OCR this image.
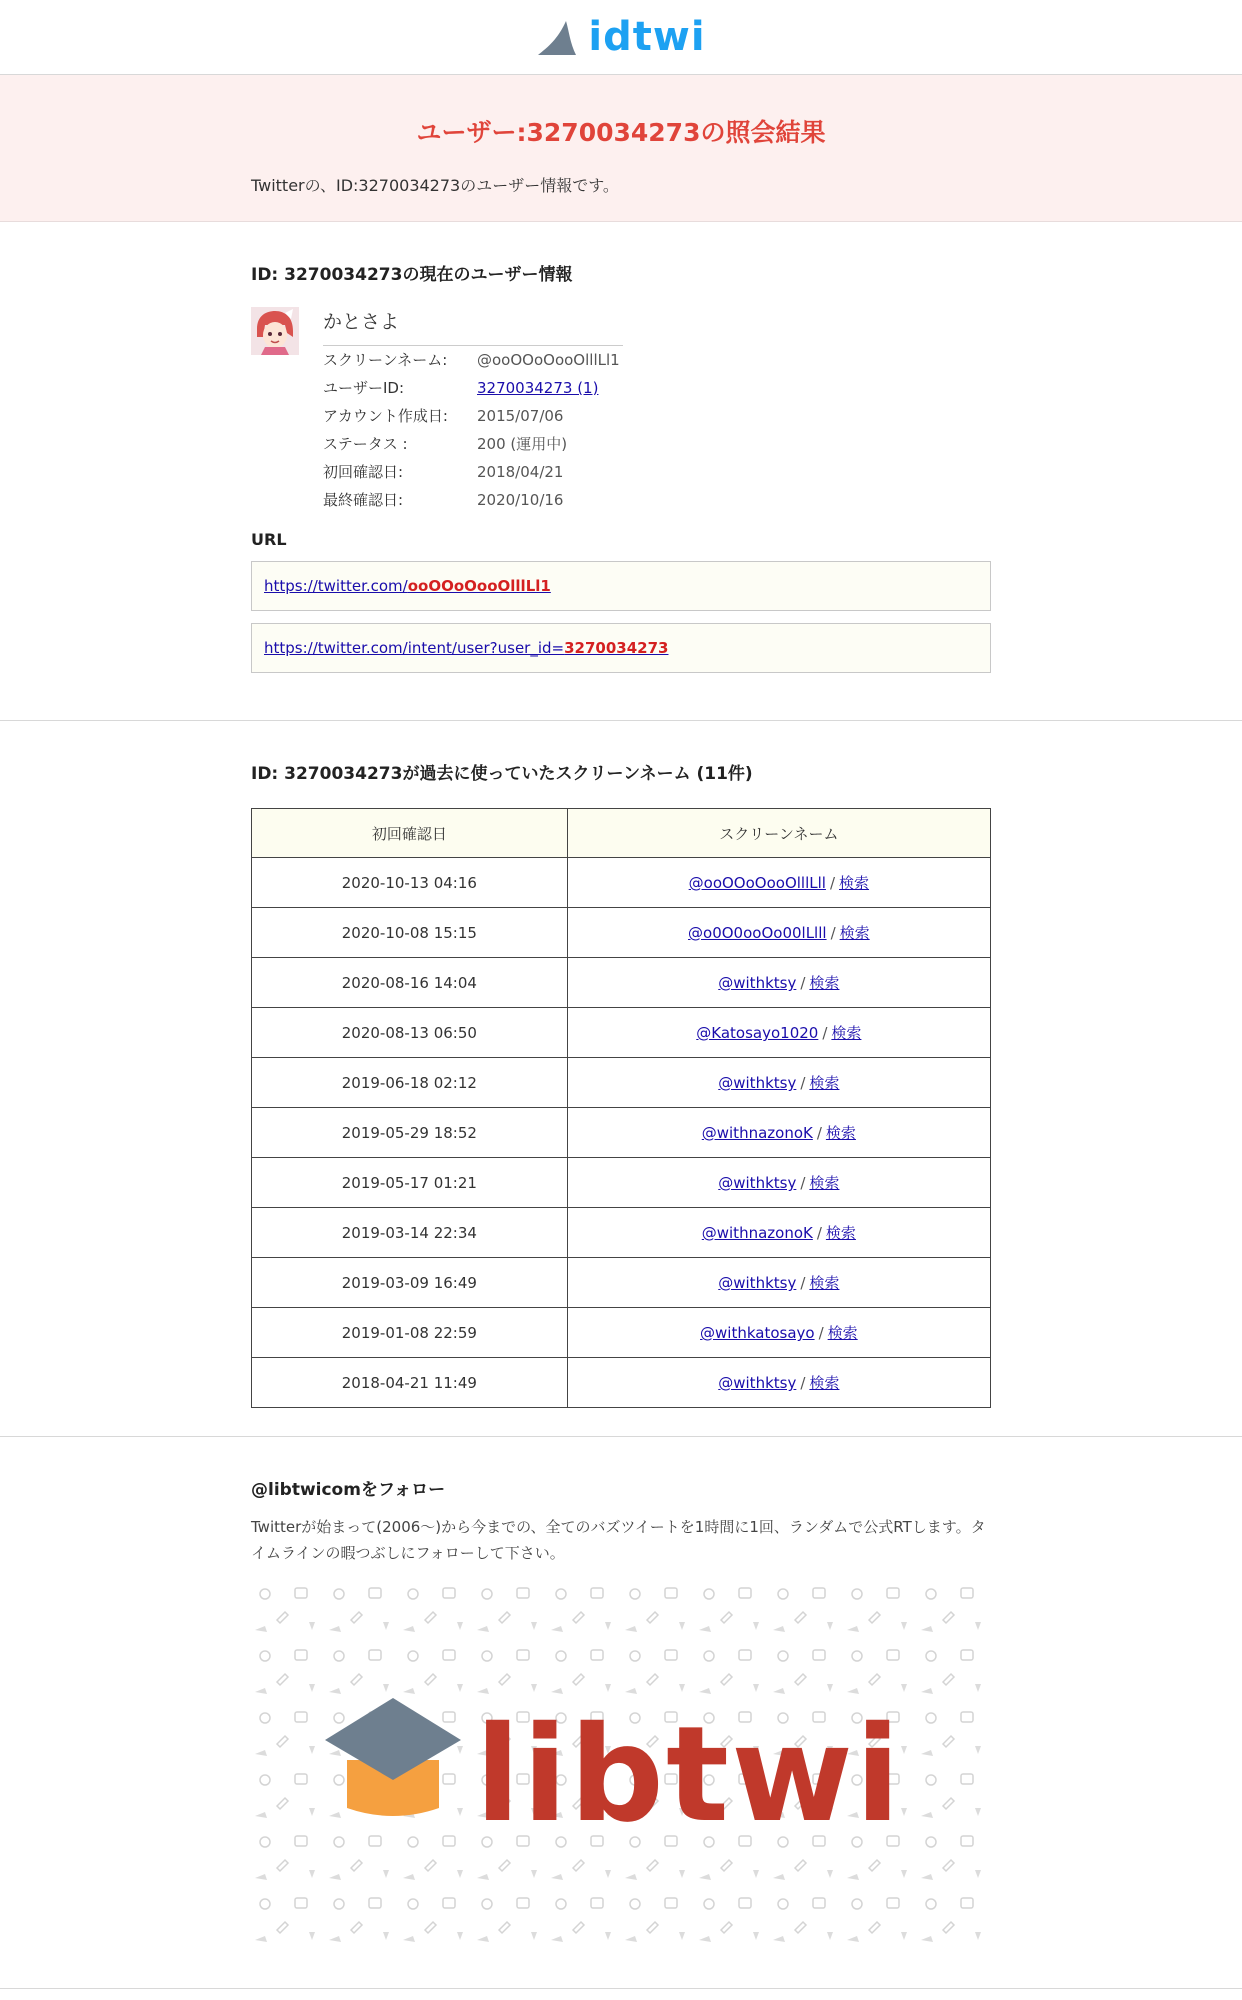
idtwi
ユーザー:3270034273の照会結果
Twitterの、ID:3270034273のユーザー情報です。
ID: 3270034273の現在のユーザー情報
かとさよ
スクリーンネーム:	@ooOOoOooOlllLl1
ユーザーID:	3270034273 (1)
アカウント作成日:	2015/07/06
ステータス :	200 (運用中)
初回確認日:	2018/04/21
最終確認日:	2020/10/16
URL
https://twitter.com/ooOOoOooOlllLl1
https://twitter.com/intent/user?user_id=3270034273
ID: 3270034273が過去に使っていたスクリーンネーム (11件)
初回確認日	スクリーンネーム
2020-10-13 04:16	@ooOOoOooOlllLll / 検索
2020-10-08 15:15	@o0O0ooOo00lLlll / 検索
2020-08-16 14:04	@withktsy / 検索
2020-08-13 06:50	@Katosayo1020 / 検索
2019-06-18 02:12	@withktsy / 検索
2019-05-29 18:52	@withnazonoK / 検索
2019-05-17 01:21	@withktsy / 検索
2019-03-14 22:34	@withnazonoK / 検索
2019-03-09 16:49	@withktsy / 検索
2019-01-08 22:59	@withkatosayo / 検索
2018-04-21 11:49	@withktsy / 検索
@libtwicomをフォロー
Twitterが始まって(2006〜)から今までの、全てのバズツイートを1時間に1回、ランダムで公式RTします。タイムラインの暇つぶしにフォローして下さい。
libtwi
